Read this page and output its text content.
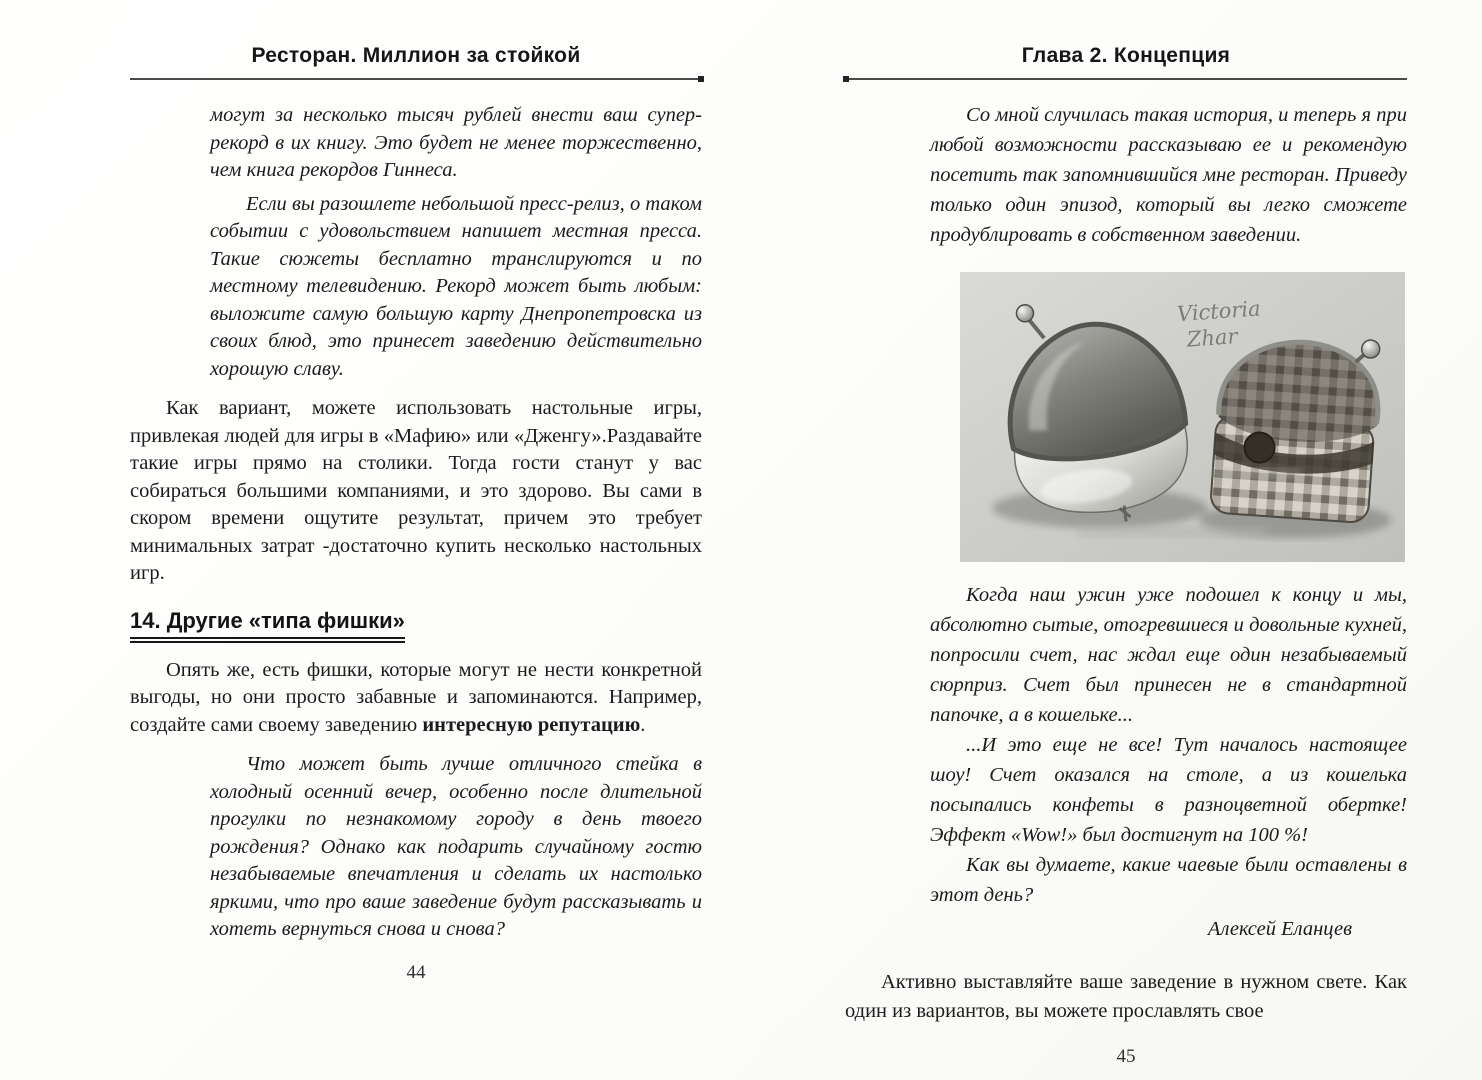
Ресторан. Миллион за стойкой

могут за несколько тысяч рублей внести ваш супер-рекорд в их книгу. Это будет не менее торжественно, чем книга рекордов Гиннеса.

Если вы разошлете небольшой пресс-релиз, о таком событии с удовольствием напишет местная пресса. Такие сюжеты бесплатно транслируются и по местному телевидению. Рекорд может быть любым: выложите самую большую карту Днепропетровска из своих блюд, это принесет заведению действительно хорошую славу.

Как вариант, можете использовать настольные игры, привлекая людей для игры в «Мафию» или «Дженгу».Раздавайте такие игры прямо на столики. Тогда гости станут у вас собираться большими компаниями, и это здорово. Вы сами в скором времени ощутите результат, причем это требует минимальных затрат -достаточно купить несколько настольных игр.

14. Другие «типа фишки»

Опять же, есть фишки, которые могут не нести конкретной выгоды, но они просто забавные и запоминаются. Например, создайте сами своему заведению интересную репутацию.

Что может быть лучше отличного стейка в холодный осенний вечер, особенно после длительной прогулки по незнакомому городу в день твоего рождения? Однако как подарить случайному гостю незабываемые впечатления и сделать их настолько яркими, что про ваше заведение будут рассказывать и хотеть вернуться снова и снова?

44
Глава 2. Концепция

Со мной случилась такая история, и теперь я при любой возможности рассказываю ее и рекомендую посетить так запомнившийся мне ресторан. Приведу только один эпизод, который вы легко сможете продублировать в собственном заведении.

Victoria
Zhar

Когда наш ужин уже подошел к концу и мы, абсолютно сытые, отогревшиеся и довольные кухней, попросили счет, нас ждал еще один незабываемый сюрприз. Счет был принесен не в стандартной папочке, а в кошельке...

...И это еще не все! Тут началось настоящее шоу! Счет оказался на столе, а из кошелька посыпались конфеты в разноцветной обертке! Эффект «Wow!» был достигнут на 100 %!

Как вы думаете, какие чаевые были оставлены в этот день?

Алексей Еланцев

Активно выставляйте ваше заведение в нужном свете. Как один из вариантов, вы можете прославлять свое

45
